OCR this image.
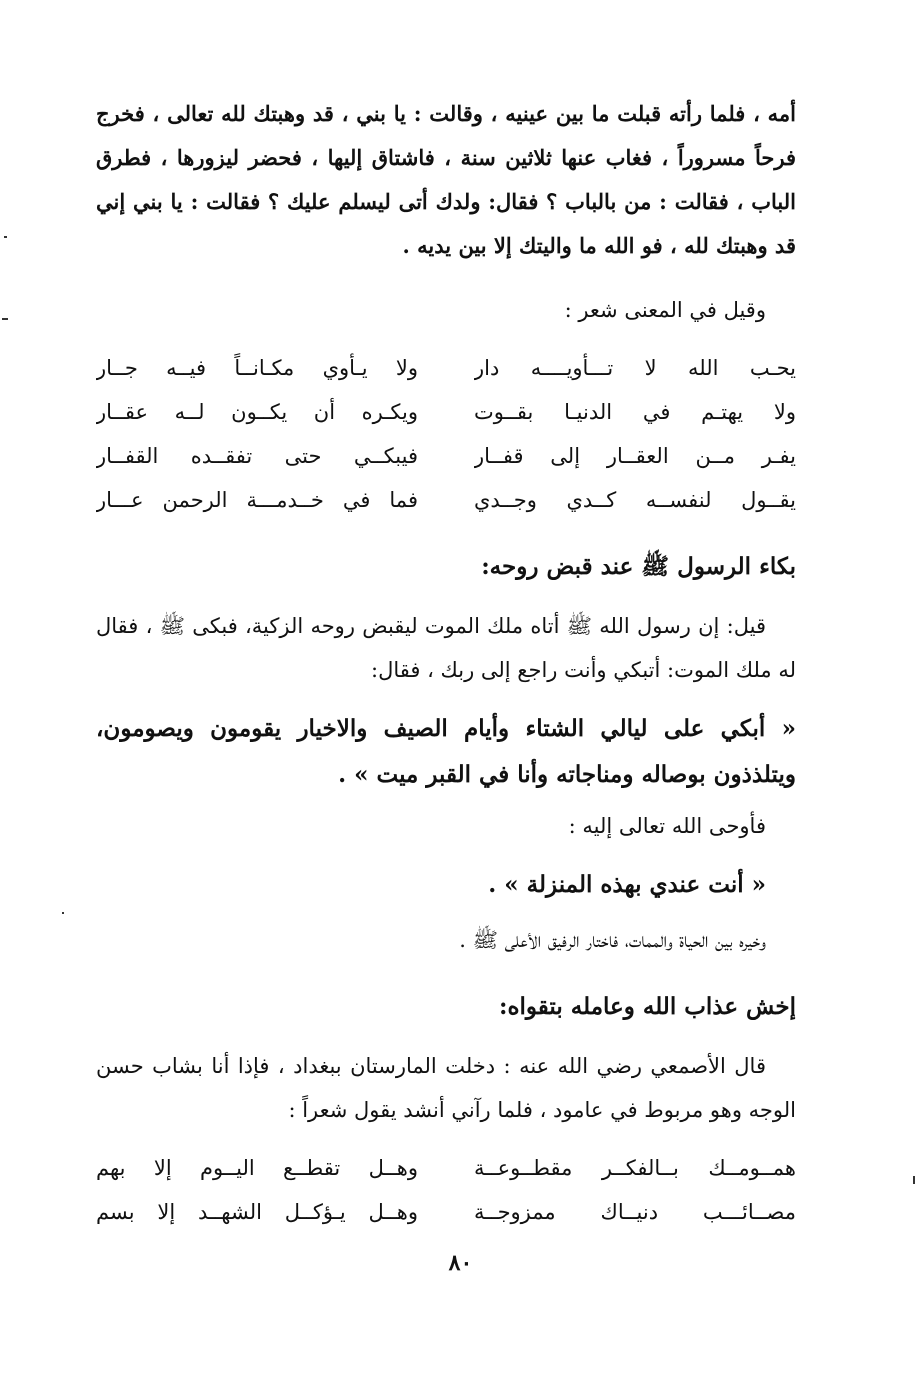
أمه ، فلما رأته قبلت ما بين عينيه ، وقالت : يا بني ، قد وهبتك لله تعالى ، فخرج فرحاً مسروراً ، فغاب عنها ثلاثين سنة ، فاشتاق إليها ، فحضر ليزورها ، فطرق الباب ، فقالت : من بالباب ؟ فقال: ولدك أتى ليسلم عليك ؟ فقالت : يا بني إني قد وهبتك لله ، فو الله ما واليتك إلا بين يديه .

وقيل في المعنى شعر :

يحـب الله لا تـــأويــــه دار
ولا يـأوي مكـانــاً فيــه جــار
ولا يهتـم في الدنيـا بقــوت
ويكـره أن يكــون لــه عقــار
يفـر مــن العقــار إلى قفــار
فيبكــي حتى تفقــده القفــار
يقــول لنفســه كــدي وجــدي
فما في خــدمـــة الرحمن عـــار
بكاء الرسول ﷺ عند قبض روحه:

قيل: إن رسول الله ﷺ أتاه ملك الموت ليقبض روحه الزكية، فبكى ﷺ ، فقال له ملك الموت: أتبكي وأنت راجع إلى ربك ، فقال:

« أبكي على ليالي الشتاء وأيام الصيف والاخيار يقومون ويصومون، ويتلذذون بوصاله ومناجاته وأنا في القبر ميت » .

فأوحى الله تعالى إليه :

« أنت عندي بهذه المنزلة » .

وخيره بين الحياة والممات، فاختار الرفيق الأعلى ﷺ .

إخش عذاب الله وعامله بتقواه:

قال الأصمعي رضي الله عنه : دخلت المارستان ببغداد ، فإذا أنا بشاب حسن الوجه وهو مربوط في عامود ، فلما رآني أنشد يقول شعراً :

همــومــك بــالفكــر مقطــوعــة
وهــل تقطــع اليــوم إلا بهم
مصــائـــب دنيــاك ممزوجــة
وهــل يـؤكــل الشهــد إلا بسم
٨٠
